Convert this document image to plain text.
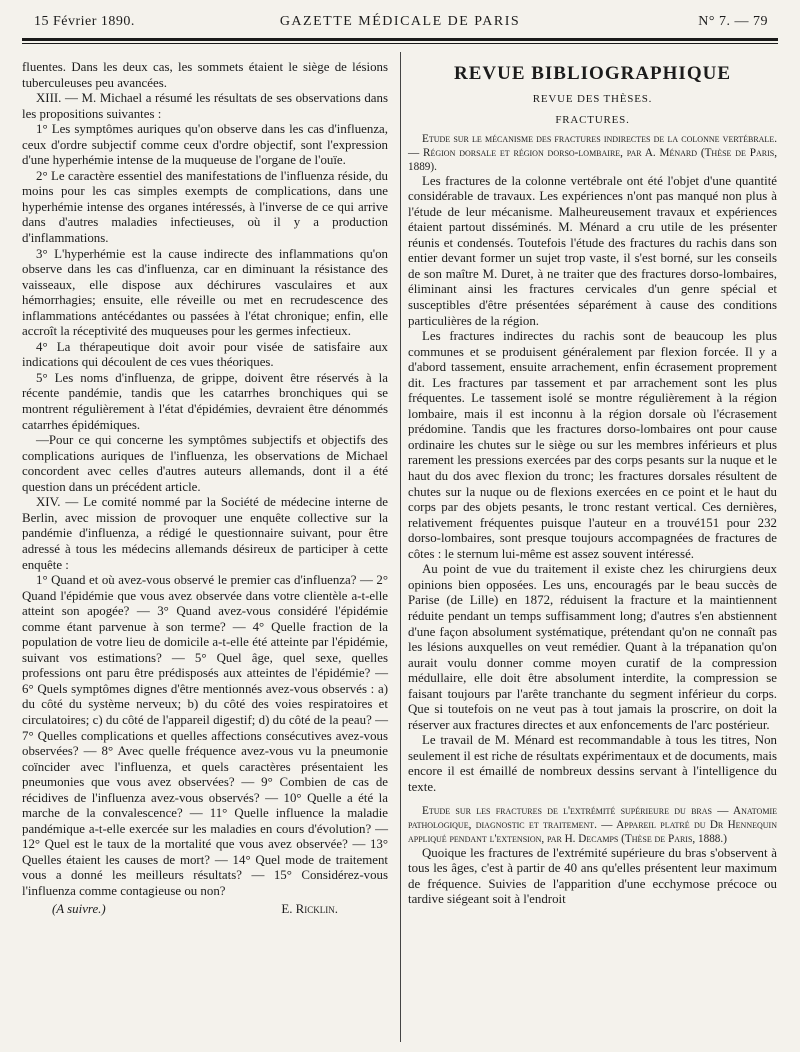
15 Février 1890.	GAZETTE MÉDICALE DE PARIS	N° 7. — 79

fluentes. Dans les deux cas, les sommets étaient le siège de lésions tuberculeuses peu avancées.

XIII. — M. Michael a résumé les résultats de ses observations dans les propositions suivantes :

1° Les symptômes auriques qu'on observe dans les cas d'influenza, ceux d'ordre subjectif comme ceux d'ordre objectif, sont l'expression d'une hyperhémie intense de la muqueuse de l'organe de l'ouïe.

2° Le caractère essentiel des manifestations de l'influenza réside, du moins pour les cas simples exempts de complications, dans une hyperhémie intense des organes intéressés, à l'inverse de ce qui arrive dans d'autres maladies infectieuses, où il y a production d'inflammations.

3° L'hyperhémie est la cause indirecte des inflammations qu'on observe dans les cas d'influenza, car en diminuant la résistance des vaisseaux, elle dispose aux déchirures vasculaires et aux hémorrhagies; ensuite, elle réveille ou met en recrudescence des inflammations antécédantes ou passées à l'état chronique; enfin, elle accroît la réceptivité des muqueuses pour les germes infectieux.

4° La thérapeutique doit avoir pour visée de satisfaire aux indications qui découlent de ces vues théoriques.

5° Les noms d'influenza, de grippe, doivent être réservés à la récente pandémie, tandis que les catarrhes bronchiques qui se montrent régulièrement à l'état d'épidémies, devraient être dénommés catarrhes épidémiques.

—Pour ce qui concerne les symptômes subjectifs et objectifs des complications auriques de l'influenza, les observations de Michael concordent avec celles d'autres auteurs allemands, dont il a été question dans un précédent article.

XIV. — Le comité nommé par la Société de médecine interne de Berlin, avec mission de provoquer une enquête collective sur la pandémie d'influenza, a rédigé le questionnaire suivant, pour être adressé à tous les médecins allemands désireux de participer à cette enquête :

1° Quand et où avez-vous observé le premier cas d'influenza? — 2° Quand l'épidémie que vous avez observée dans votre clientèle a-t-elle atteint son apogée? — 3° Quand avez-vous considéré l'épidémie comme étant parvenue à son terme? — 4° Quelle fraction de la population de votre lieu de domicile a-t-elle été atteinte par l'épidémie, suivant vos estimations? — 5° Quel âge, quel sexe, quelles professions ont paru être prédisposés aux atteintes de l'épidémie? — 6° Quels symptômes dignes d'être mentionnés avez-vous observés : a) du côté du système nerveux; b) du côté des voies respiratoires et circulatoires; c) du côté de l'appareil digestif; d) du côté de la peau? — 7° Quelles complications et quelles affections consécutives avez-vous observées? — 8° Avec quelle fréquence avez-vous vu la pneumonie coïncider avec l'influenza, et quels caractères présentaient les pneumonies que vous avez observées? — 9° Combien de cas de récidives de l'influenza avez-vous observés? — 10° Quelle a été la marche de la convalescence? — 11° Quelle influence la maladie pandémique a-t-elle exercée sur les maladies en cours d'évolution? — 12° Quel est le taux de la mortalité que vous avez observée? — 13° Quelles étaient les causes de mort? — 14° Quel mode de traitement vous a donné les meilleurs résultats? — 15° Considérez-vous l'influenza comme contagieuse ou non?

(A suivre.)	E. Ricklin.

REVUE BIBLIOGRAPHIQUE
REVUE DES THÈSES.
FRACTURES.

Etude sur le mécanisme des fractures indirectes de la colonne vertébrale. — Région dorsale et région dorso-lombaire, par A. Ménard (Thèse de Paris, 1889).

Les fractures de la colonne vertébrale ont été l'objet d'une quantité considérable de travaux. Les expériences n'ont pas manqué non plus à l'étude de leur mécanisme. Malheureusement travaux et expériences étaient partout disséminés. M. Ménard a cru utile de les présenter réunis et condensés. Toutefois l'étude des fractures du rachis dans son entier devant former un sujet trop vaste, il s'est borné, sur les conseils de son maître M. Duret, à ne traiter que des fractures dorso-lombaires, éliminant ainsi les fractures cervicales d'un genre spécial et susceptibles d'être présentées séparément à cause des conditions particulières de la région.

Les fractures indirectes du rachis sont de beaucoup les plus communes et se produisent généralement par flexion forcée. Il y a d'abord tassement, ensuite arrachement, enfin écrasement proprement dit. Les fractures par tassement et par arrachement sont les plus fréquentes. Le tassement isolé se montre régulièrement à la région lombaire, mais il est inconnu à la région dorsale où l'écrasement prédomine. Tandis que les fractures dorso-lombaires ont pour cause ordinaire les chutes sur le siège ou sur les membres inférieurs et plus rarement les pressions exercées par des corps pesants sur la nuque et le haut du dos avec flexion du tronc; les fractures dorsales résultent de chutes sur la nuque ou de flexions exercées en ce point et le haut du corps par des objets pesants, le tronc restant vertical. Ces dernières, relativement fréquentes puisque l'auteur en a trouvé151 pour 232 dorso-lombaires, sont presque toujours accompagnées de fractures de côtes : le sternum lui-même est assez souvent intéressé.

Au point de vue du traitement il existe chez les chirurgiens deux opinions bien opposées. Les uns, encouragés par le beau succès de Parise (de Lille) en 1872, réduisent la fracture et la maintiennent réduite pendant un temps suffisamment long; d'autres s'en abstiennent d'une façon absolument systématique, prétendant qu'on ne connaît pas les lésions auxquelles on veut remédier. Quant à la trépanation qu'on aurait voulu donner comme moyen curatif de la compression médullaire, elle doit être absolument interdite, la compression se faisant toujours par l'arête tranchante du segment inférieur du corps. Que si toutefois on ne veut pas à tout jamais la proscrire, on doit la réserver aux fractures directes et aux enfoncements de l'arc postérieur.

Le travail de M. Ménard est recommandable à tous les titres, Non seulement il est riche de résultats expérimentaux et de documents, mais encore il est émaillé de nombreux dessins servant à l'intelligence du texte.

Etude sur les fractures de l'extrémité supérieure du bras — Anatomie pathologique, diagnostic et traitement. — Appareil platré du Dr Hennequin appliqué pendant l'extension, par H. Decamps (Thèse de Paris, 1888.)

Quoique les fractures de l'extrémité supérieure du bras s'observent à tous les âges, c'est à partir de 40 ans qu'elles présentent leur maximum de fréquence. Suivies de l'apparition d'une ecchymose précoce ou tardive siégeant soit à l'endroit
